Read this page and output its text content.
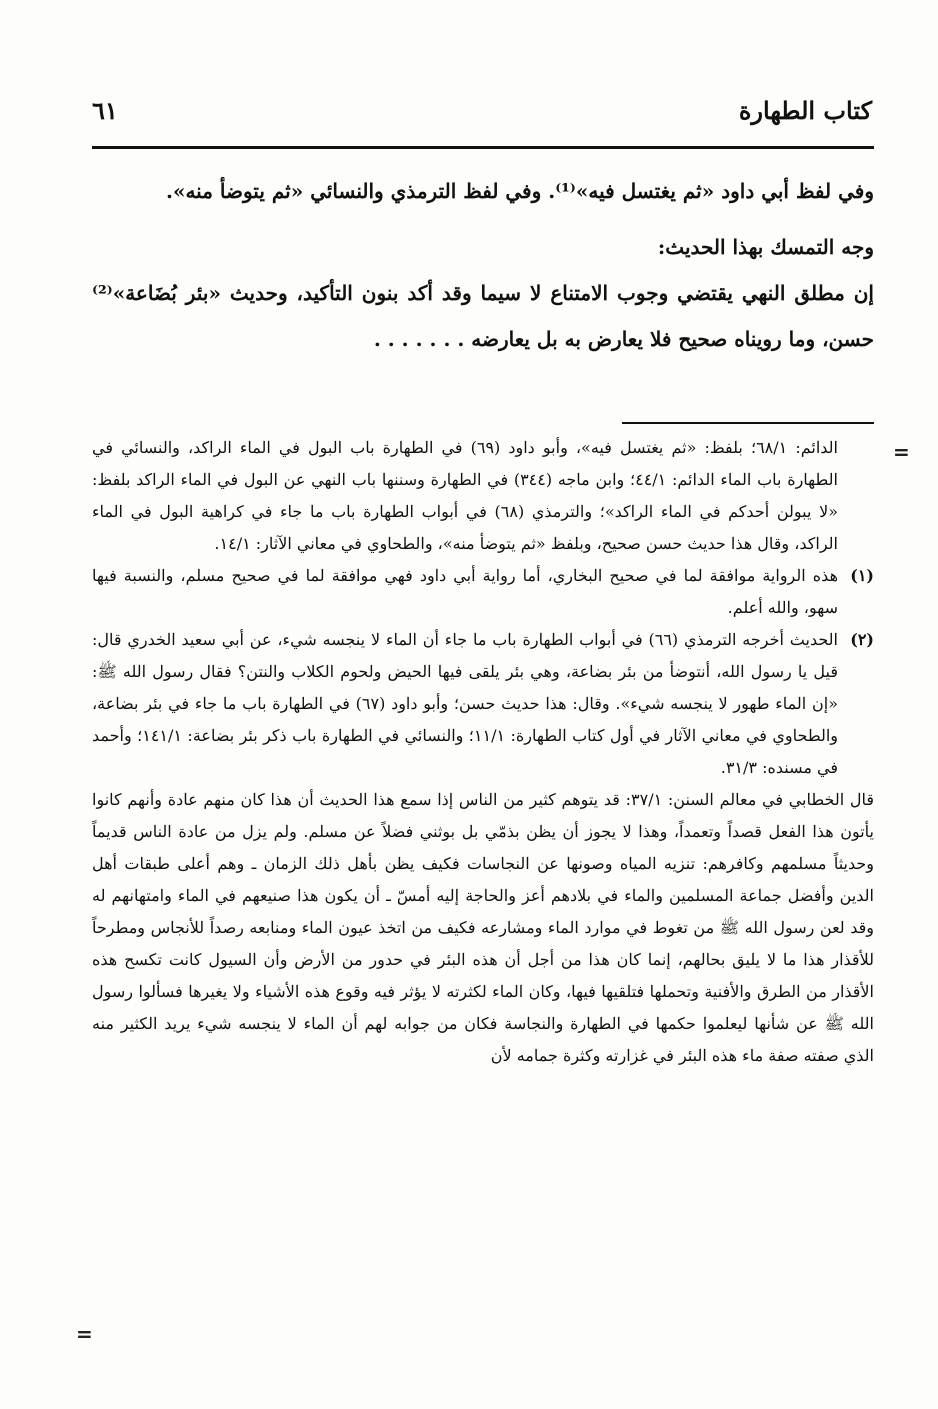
كتاب الطهارة
٦١

وفي لفظ أبي داود «ثم يغتسل فيه»⁽¹⁾. وفي لفظ الترمذي والنسائي «ثم يتوضأ منه».

وجه التمسك بهذا الحديث:

إن مطلق النهي يقتضي وجوب الامتناع لا سيما وقد أكد بنون التأكيد، وحديث «بئر بُضَاعة»⁽²⁾ حسن، وما رويناه صحيح فلا يعارض به بل يعارضه . . . . . . .

الدائم: ٦٨/١؛ بلفظ: «ثم يغتسل فيه»، وأبو داود (٦٩) في الطهارة باب البول في الماء الراكد، والنسائي في الطهارة باب الماء الدائم: ٤٤/١؛ وابن ماجه (٣٤٤) في الطهارة وسننها باب النهي عن البول في الماء الراكد بلفظ: «لا يبولن أحدكم في الماء الراكد»؛ والترمذي (٦٨) في أبواب الطهارة باب ما جاء في كراهية البول في الماء الراكد، وقال هذا حديث حسن صحيح، وبلفظ «ثم يتوضأ منه»، والطحاوي في معاني الآثار: ١٤/١.

(١)
هذه الرواية موافقة لما في صحيح البخاري، أما رواية أبي داود فهي موافقة لما في صحيح مسلم، والنسبة فيها سهو، والله أعلم.
(٢)
الحديث أخرجه الترمذي (٦٦) في أبواب الطهارة باب ما جاء أن الماء لا ينجسه شيء، عن أبي سعيد الخدري قال: قيل يا رسول الله، أنتوضأ من بئر بضاعة، وهي بئر يلقى فيها الحيض ولحوم الكلاب والنتن؟ فقال رسول الله ﷺ: «إن الماء طهور لا ينجسه شيء». وقال: هذا حديث حسن؛ وأبو داود (٦٧) في الطهارة باب ما جاء في بئر بضاعة، والطحاوي في معاني الآثار في أول كتاب الطهارة: ١١/١؛ والنسائي في الطهارة باب ذكر بئر بضاعة: ١٤١/١؛ وأحمد في مسنده: ٣١/٣.

قال الخطابي في معالم السنن: ٣٧/١: قد يتوهم كثير من الناس إذا سمع هذا الحديث أن هذا كان منهم عادة وأنهم كانوا يأتون هذا الفعل قصداً وتعمداً، وهذا لا يجوز أن يظن بذمّي بل بوثني فضلاً عن مسلم. ولم يزل من عادة الناس قديماً وحديثاً مسلمهم وكافرهم: تنزيه المياه وصونها عن النجاسات فكيف يظن بأهل ذلك الزمان ـ وهم أعلى طبقات أهل الدين وأفضل جماعة المسلمين والماء في بلادهم أعز والحاجة إليه أمسّ ـ أن يكون هذا صنيعهم في الماء وامتهانهم له وقد لعن رسول الله ﷺ من تغوط في موارد الماء ومشارعه فكيف من اتخذ عيون الماء ومنابعه رصداً للأنجاس ومطرحاً للأقذار هذا ما لا يليق بحالهم، إنما كان هذا من أجل أن هذه البئر في حدور من الأرض وأن السيول كانت تكسح هذه الأقذار من الطرق والأفنية وتحملها فتلقيها فيها، وكان الماء لكثرته لا يؤثر فيه وقوع هذه الأشياء ولا يغيرها فسألوا رسول الله ﷺ عن شأنها ليعلموا حكمها في الطهارة والنجاسة فكان من جوابه لهم أن الماء لا ينجسه شيء يريد الكثير منه الذي صفته صفة ماء هذه البئر في غزارته وكثرة جمامه لأن

=
=
